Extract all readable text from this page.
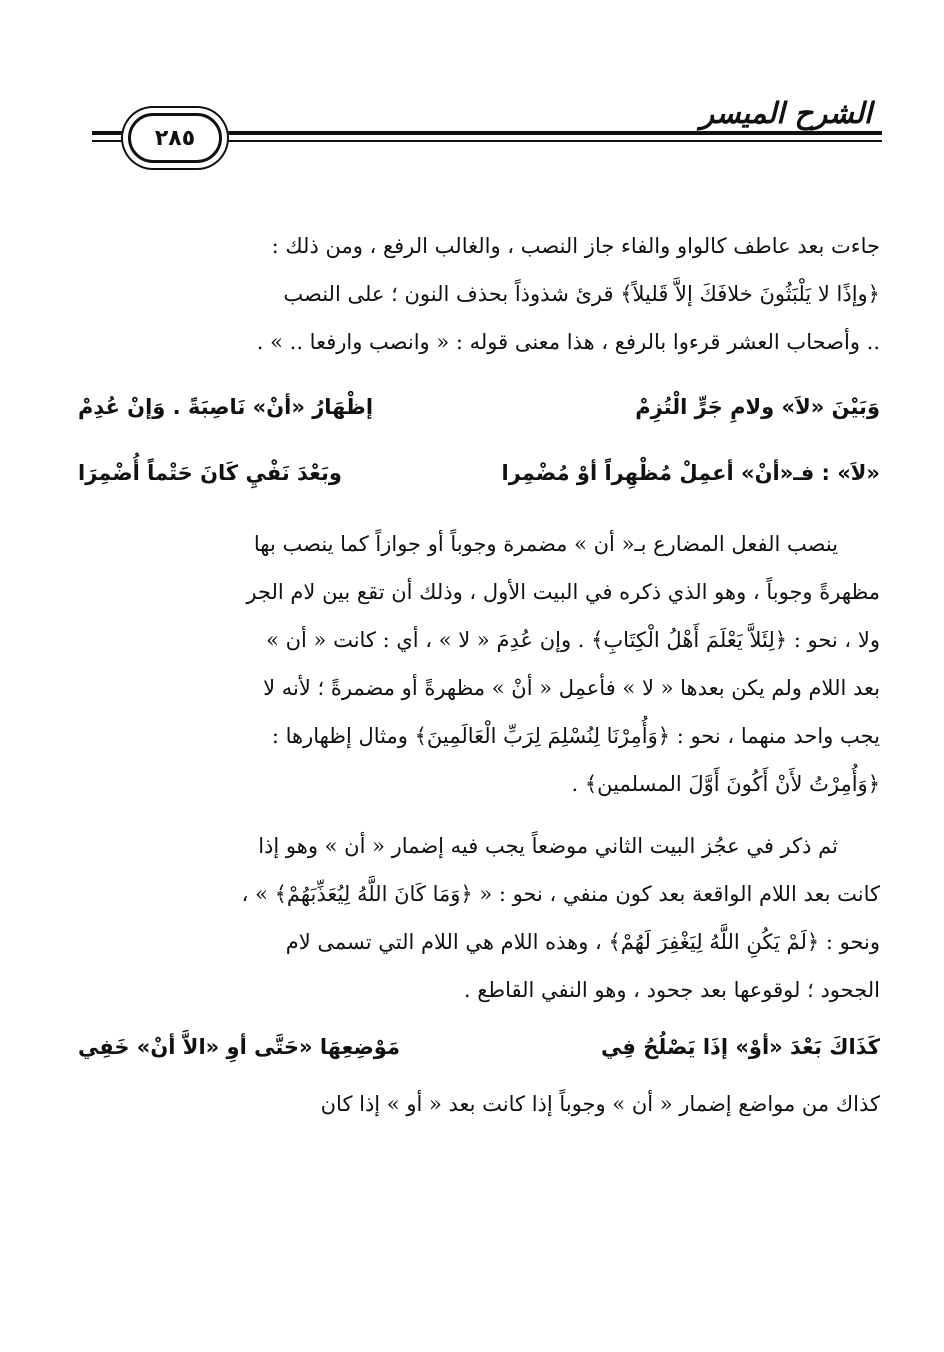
الشرح الميسر
٢٨٥
جاءت بعد عاطف كالواو والفاء جاز النصب ، والغالب الرفع ، ومن ذلك :
﴿وإذًا لا يَلْبَثُونَ خلافَكَ إلاَّ قَليلاً﴾ قرئ شذوذاً بحذف النون ؛ على النصب
.. وأصحاب العشر قرءوا بالرفع ، هذا معنى قوله : « وانصب وارفعا .. » .
وَبَيْنَ «لاَ» ولامِ جَرٍّ الْتُزِمْ
إظْهَارُ «أنْ» نَاصِبَةً . وَإنْ عُدِمْ
«لاَ» : فـ«أنْ» أعمِلْ مُظْهِراً أوْ مُضْمِرا
وبَعْدَ نَفْيِ كَانَ حَتْماً أُضْمِرَا
ينصب الفعل المضارع بـ« أن » مضمرة وجوباً أو جوازاً كما ينصب بها
مظهرةً وجوباً ، وهو الذي ذكره في البيت الأول ، وذلك أن تقع بين لام الجر
ولا ، نحو : ﴿لِئَلاَّ يَعْلَمَ أَهْلُ الْكِتَابِ﴾ . وإن عُدِمَ « لا » ، أي : كانت « أن »
بعد اللام ولم يكن بعدها « لا » فأعمِل « أنْ » مظهرةً أو مضمرةً ؛ لأنه لا
يجب واحد منهما ، نحو : ﴿وَأُمِرْنَا لِنُسْلِمَ لِرَبِّ الْعَالَمِينَ﴾ ومثال إظهارها :
﴿وَأُمِرْتُ لأَنْ أَكُونَ أَوَّلَ المسلمين﴾ .
ثم ذكر في عجُز البيت الثاني موضعاً يجب فيه إضمار « أن » وهو إذا
كانت بعد اللام الواقعة بعد كون منفي ، نحو : « ﴿وَمَا كَانَ اللَّهُ لِيُعَذِّبَهُمْ﴾ » ،
ونحو : ﴿لَمْ يَكُنِ اللَّهُ لِيَغْفِرَ لَهُمْ﴾ ، وهذه اللام هي اللام التي تسمى لام
الجحود ؛ لوقوعها بعد جحود ، وهو النفي القاطع .
كَذَاكَ بَعْدَ «أوْ» إذَا يَصْلُحُ فِي
مَوْضِعِهَا «حَتَّى أوِ «الاَّ أنْ» خَفِي
كذاك من مواضع إضمار « أن » وجوباً إذا كانت بعد « أو » إذا كان
